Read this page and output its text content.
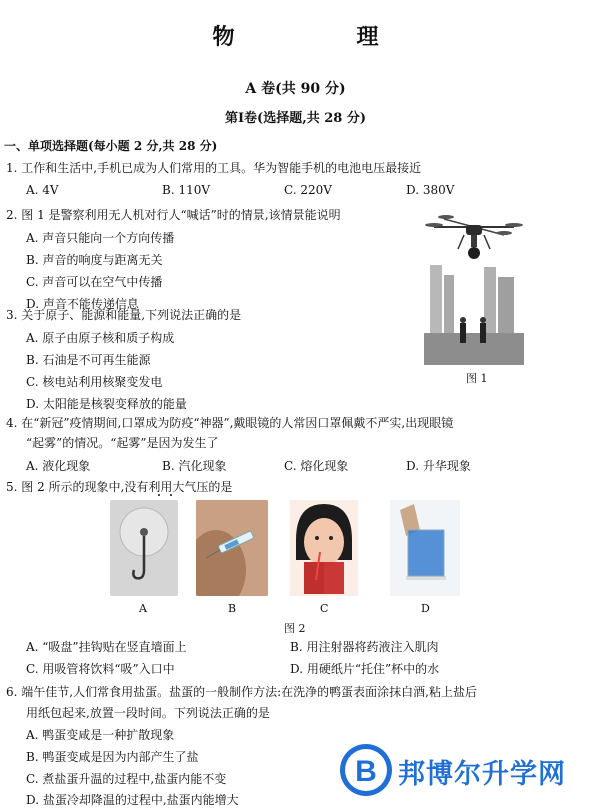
物　　理
A 卷(共 90 分)
第Ⅰ卷(选择题,共 28 分)
一、单项选择题(每小题 2 分,共 28 分)
1. 工作和生活中,手机已成为人们常用的工具。华为智能手机的电池电压最接近
A. 4V	B. 110V	C. 220V	D. 380V
2. 图 1 是警察利用无人机对行人“喊话”时的情景,该情景能说明
A. 声音只能向一个方向传播
B. 声音的响度与距离无关
C. 声音可以在空气中传播
D. 声音不能传递信息
图 1
3. 关于原子、能源和能量,下列说法正确的是
A. 原子由原子核和质子构成
B. 石油是不可再生能源
C. 核电站利用核聚变发电
D. 太阳能是核裂变释放的能量
4. 在“新冠”疫情期间,口罩成为防疫“神器”,戴眼镜的人常因口罩佩戴不严实,出现眼镜
“起雾”的情况。“起雾”是因为发生了
A. 液化现象	B. 汽化现象	C. 熔化现象	D. 升华现象
5. 图 2 所示的现象中,没有利用大气压的是
A	B	C	D
图 2
A. “吸盘”挂钩贴在竖直墙面上	B. 用注射器将药液注入肌肉
C. 用吸管将饮料“吸”入口中	D. 用硬纸片“托住”杯中的水
6. 端午佳节,人们常食用盐蛋。盐蛋的一般制作方法:在洗净的鸭蛋表面涂抹白酒,粘上盐后
用纸包起来,放置一段时间。下列说法正确的是
A. 鸭蛋变咸是一种扩散现象
B. 鸭蛋变咸是因为内部产生了盐
C. 煮盐蛋升温的过程中,盐蛋内能不变
D. 盐蛋冷却降温的过程中,盐蛋内能增大
B 邦博尔升学网
